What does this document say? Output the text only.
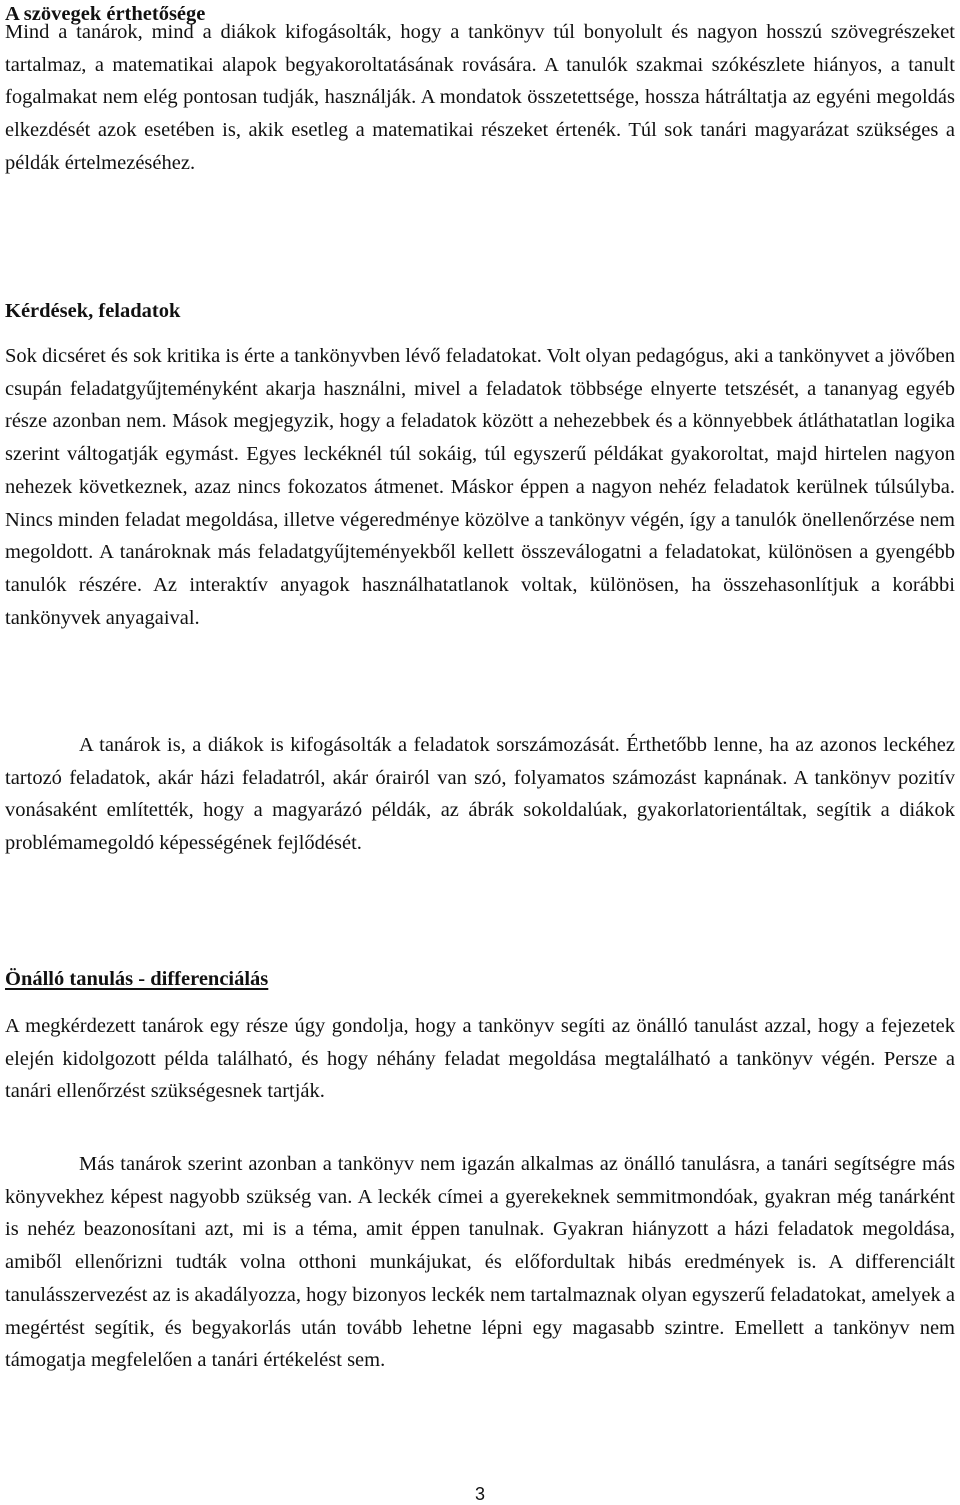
A szövegek érthetősége

Mind a tanárok, mind a diákok kifogásolták, hogy a tankönyv túl bonyolult és nagyon hosszú szövegrészeket tartalmaz, a matematikai alapok begyakoroltatásának rovására. A tanulók szakmai szókészlete hiányos, a tanult fogalmakat nem elég pontosan tudják, használják. A mondatok összetettsége, hossza hátráltatja az egyéni megoldás elkezdését azok esetében is, akik esetleg a matematikai részeket értenék. Túl sok tanári magyarázat szükséges a példák értelmezéséhez.

Kérdések, feladatok

Sok dicséret és sok kritika is érte a tankönyvben lévő feladatokat. Volt olyan pedagógus, aki a tankönyvet a jövőben csupán feladatgyűjteményként akarja használni, mivel a feladatok többsége elnyerte tetszését, a tananyag egyéb része azonban nem. Mások megjegyzik, hogy a feladatok között a nehezebbek és a könnyebbek átláthatatlan logika szerint váltogatják egymást. Egyes leckéknél túl sokáig, túl egyszerű példákat gyakoroltat, majd hirtelen nagyon nehezek következnek, azaz nincs fokozatos átmenet. Máskor éppen a nagyon nehéz feladatok kerülnek túlsúlyba. Nincs minden feladat megoldása, illetve végeredménye közölve a tankönyv végén, így a tanulók önellenőrzése nem megoldott. A tanároknak más feladatgyűjteményekből kellett összeválogatni a feladatokat, különösen a gyengébb tanulók részére. Az interaktív anyagok használhatatlanok voltak, különösen, ha összehasonlítjuk a korábbi tankönyvek anyagaival.

A tanárok is, a diákok is kifogásolták a feladatok sorszámozását. Érthetőbb lenne, ha az azonos leckéhez tartozó feladatok, akár házi feladatról, akár órairól van szó, folyamatos számozást kapnának. A tankönyv pozitív vonásaként említették, hogy a magyarázó példák, az ábrák sokoldalúak, gyakorlatorientáltak, segítik a diákok problémamegoldó képességének fejlődését.

Önálló tanulás - differenciálás

A megkérdezett tanárok egy része úgy gondolja, hogy a tankönyv segíti az önálló tanulást azzal, hogy a fejezetek elején kidolgozott példa található, és hogy néhány feladat megoldása megtalálható a tankönyv végén. Persze a tanári ellenőrzést szükségesnek tartják.

Más tanárok szerint azonban a tankönyv nem igazán alkalmas az önálló tanulásra, a tanári segítségre más könyvekhez képest nagyobb szükség van. A leckék címei a gyerekeknek semmitmondóak, gyakran még tanárként is nehéz beazonosítani azt, mi is a téma, amit éppen tanulnak. Gyakran hiányzott a házi feladatok megoldása, amiből ellenőrizni tudták volna otthoni munkájukat, és előfordultak hibás eredmények is. A differenciált tanulásszervezést az is akadályozza, hogy bizonyos leckék nem tartalmaznak olyan egyszerű feladatokat, amelyek a megértést segítik, és begyakorlás után tovább lehetne lépni egy magasabb szintre. Emellett a tankönyv nem támogatja megfelelően a tanári értékelést sem.

3
